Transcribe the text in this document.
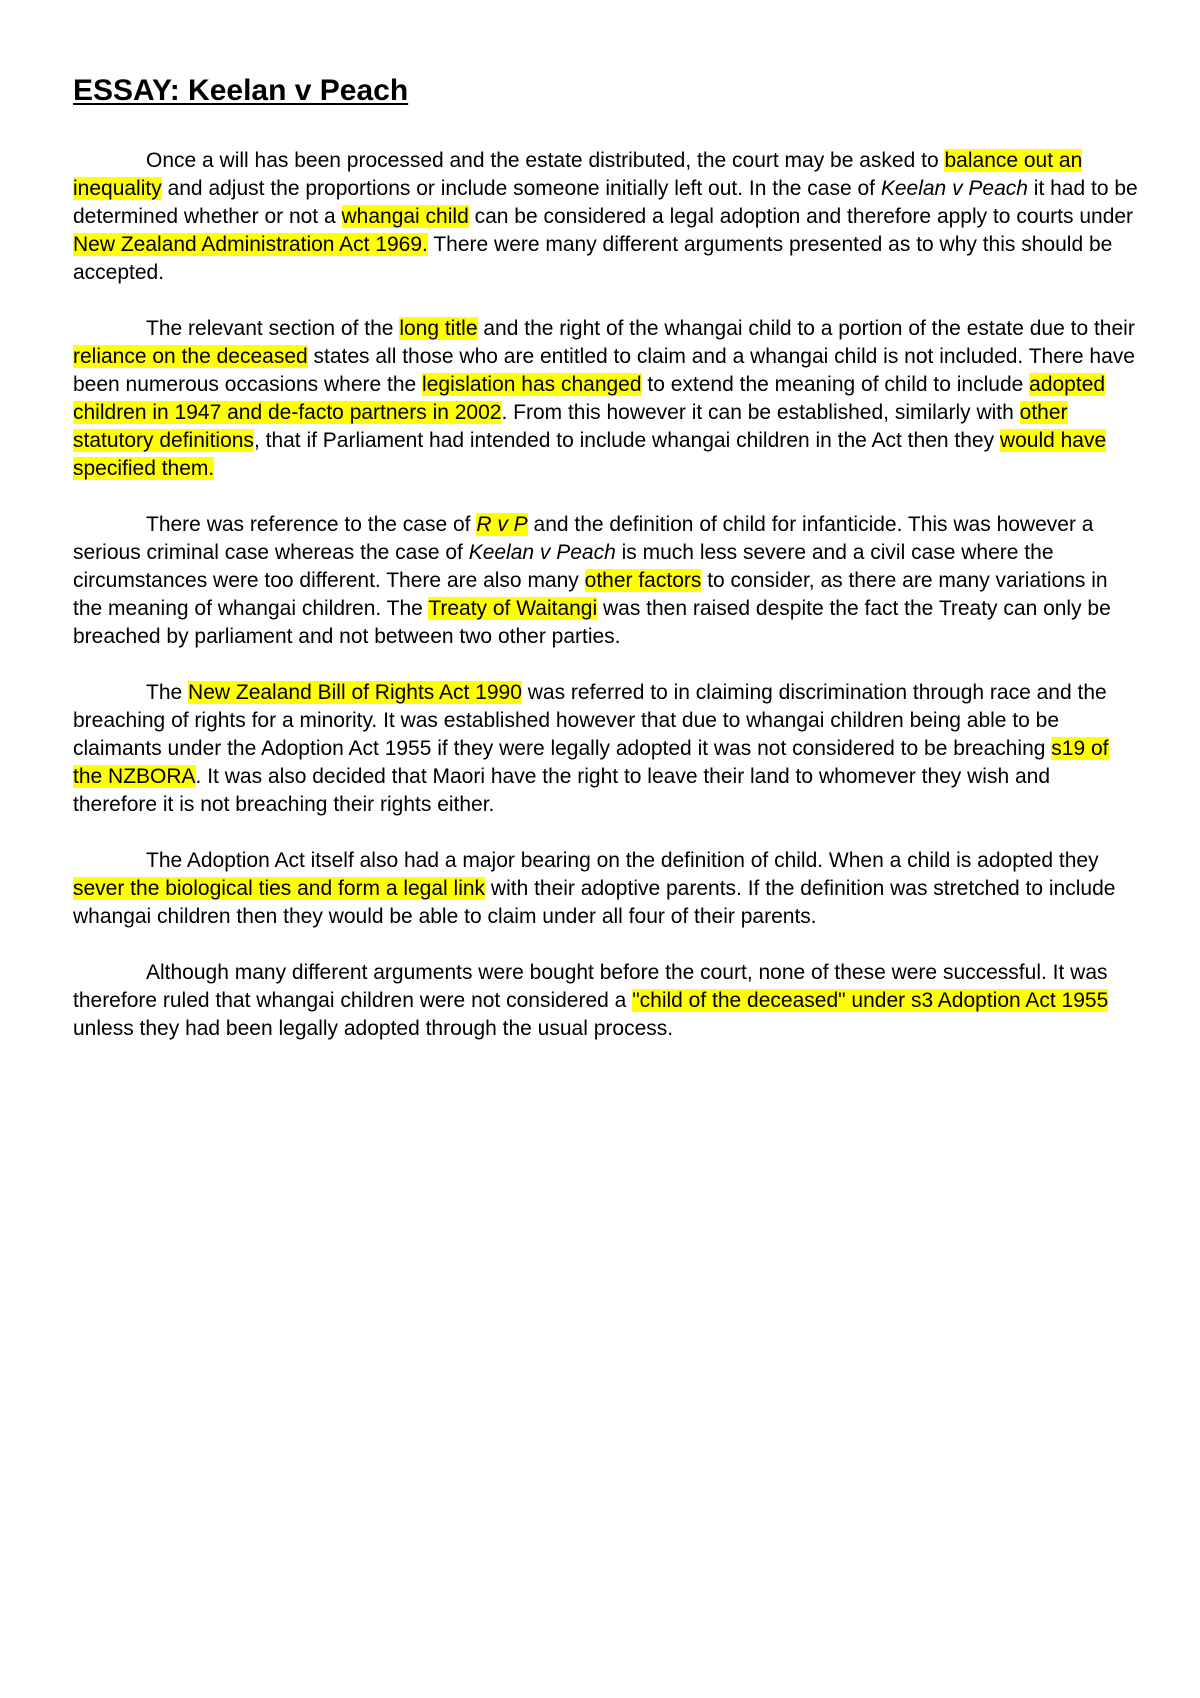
ESSAY: Keelan v Peach

Once a will has been processed and the estate distributed, the court may be asked to balance out an inequality and adjust the proportions or include someone initially left out. In the case of Keelan v Peach it had to be determined whether or not a whangai child can be considered a legal adoption and therefore apply to courts under New Zealand Administration Act 1969. There were many different arguments presented as to why this should be accepted.

The relevant section of the long title and the right of the whangai child to a portion of the estate due to their reliance on the deceased states all those who are entitled to claim and a whangai child is not included. There have been numerous occasions where the legislation has changed to extend the meaning of child to include adopted children in 1947 and de-facto partners in 2002. From this however it can be established, similarly with other statutory definitions, that if Parliament had intended to include whangai children in the Act then they would have specified them.

There was reference to the case of R v P and the definition of child for infanticide. This was however a serious criminal case whereas the case of Keelan v Peach is much less severe and a civil case where the circumstances were too different. There are also many other factors to consider, as there are many variations in the meaning of whangai children. The Treaty of Waitangi was then raised despite the fact the Treaty can only be breached by parliament and not between two other parties.

The New Zealand Bill of Rights Act 1990 was referred to in claiming discrimination through race and the breaching of rights for a minority. It was established however that due to whangai children being able to be claimants under the Adoption Act 1955 if they were legally adopted it was not considered to be breaching s19 of the NZBORA. It was also decided that Maori have the right to leave their land to whomever they wish and therefore it is not breaching their rights either.

The Adoption Act itself also had a major bearing on the definition of child. When a child is adopted they sever the biological ties and form a legal link with their adoptive parents. If the definition was stretched to include whangai children then they would be able to claim under all four of their parents.

Although many different arguments were bought before the court, none of these were successful. It was therefore ruled that whangai children were not considered a "child of the deceased" under s3 Adoption Act 1955 unless they had been legally adopted through the usual process.
